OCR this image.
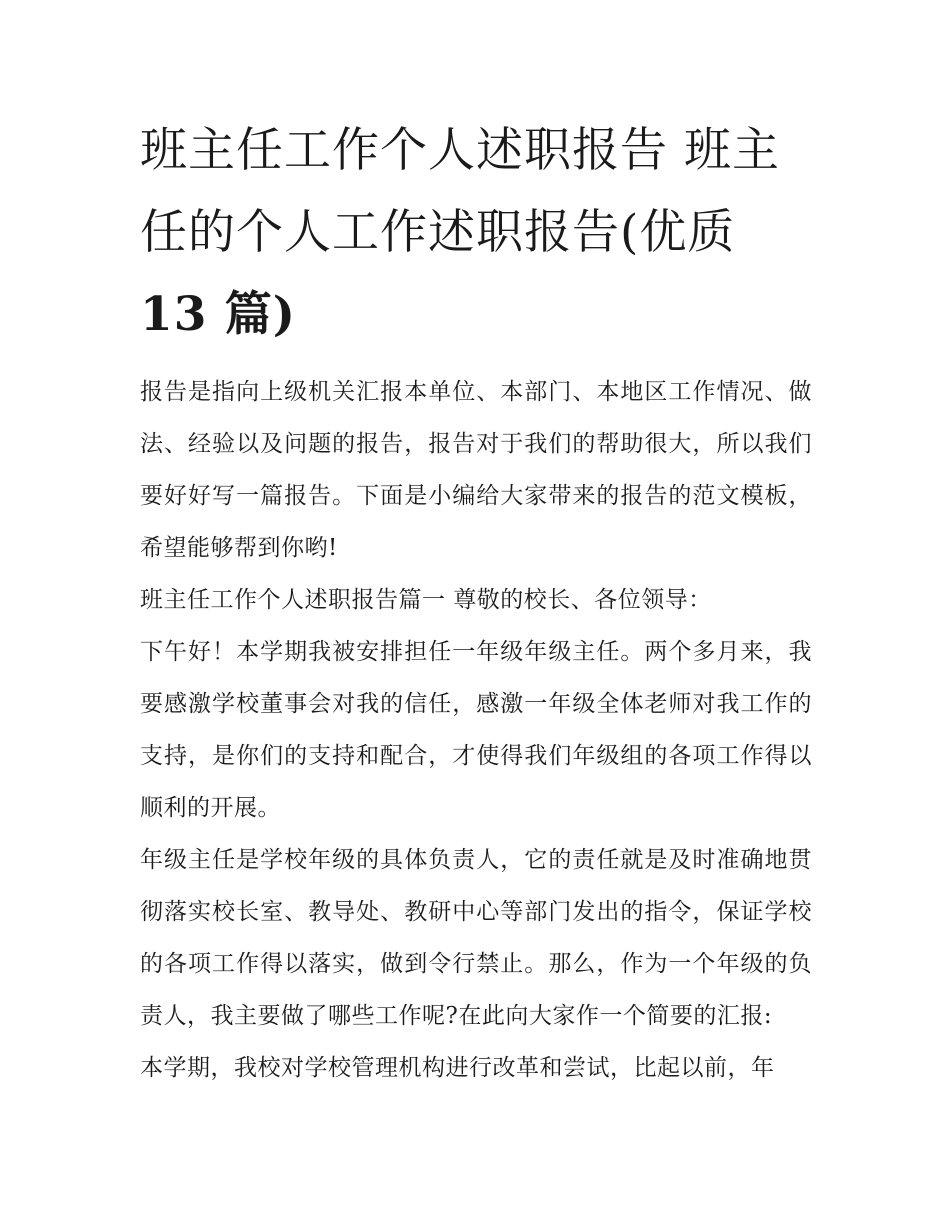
班主任工作个人述职报告 班主
任的个人工作述职报告(优质
13 篇)

报告是指向上级机关汇报本单位、本部门、本地区工作情况、做法、经验以及问题的报告，报告对于我们的帮助很大，所以我们要好好写一篇报告。下面是小编给大家带来的报告的范文模板，希望能够帮到你哟!

班主任工作个人述职报告篇一 尊敬的校长、各位领导：

下午好！本学期我被安排担任一年级年级主任。两个多月来，我要感激学校董事会对我的信任，感激一年级全体老师对我工作的支持，是你们的支持和配合，才使得我们年级组的各项工作得以顺利的开展。

年级主任是学校年级的具体负责人，它的责任就是及时准确地贯彻落实校长室、教导处、教研中心等部门发出的指令，保证学校的各项工作得以落实，做到令行禁止。那么，作为一个年级的负责人，我主要做了哪些工作呢?在此向大家作一个简要的汇报:

本学期，我校对学校管理机构进行改革和尝试，比起以前，年
